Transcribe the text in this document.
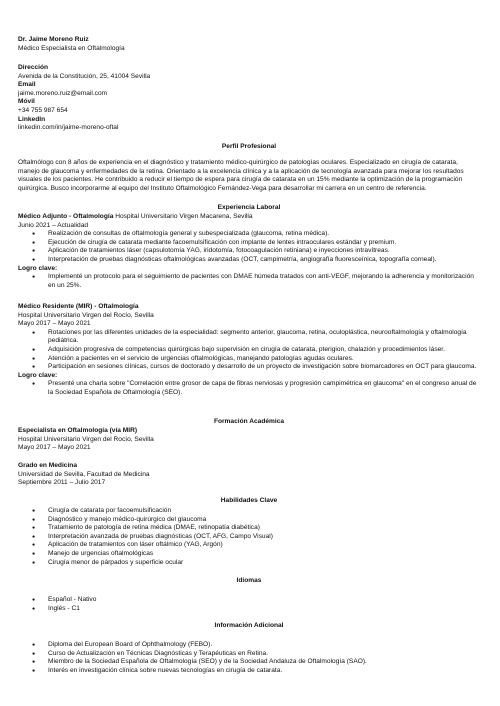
Dr. Jaime Moreno Ruiz

Médico Especialista en Oftalmología

Dirección

Avenida de la Constitución, 25, 41004 Sevilla

Email

jaime.moreno.ruiz@email.com

Móvil

+34 755 987 654

LinkedIn

linkedin.com/in/jaime-moreno-oftal

Perfil Profesional

Oftalmólogo con 8 años de experiencia en el diagnóstico y tratamiento médico-quirúrgico de patologías oculares. Especializado en cirugía de catarata, manejo de glaucoma y enfermedades de la retina. Orientado a la excelencia clínica y a la aplicación de tecnología avanzada para mejorar los resultados visuales de los pacientes. He contribuido a reducir el tiempo de espera para cirugía de catarata en un 15% mediante la optimización de la programación quirúrgica. Busco incorporarme al equipo del Instituto Oftalmológico Fernández-Vega para desarrollar mi carrera en un centro de referencia.

Experiencia Laboral

Médico Adjunto - Oftalmología Hospital Universitario Virgen Macarena, Sevilla

Junio 2021 – Actualidad

● Realización de consultas de oftalmología general y subespecializada (glaucoma, retina médica).
● Ejecución de cirugía de catarata mediante facoemulsificación con implante de lentes intraoculares estándar y premium.
● Aplicación de tratamientos láser (capsulotomía YAG, iridotomía, fotocoagulación retiniana) e inyecciones intravítreas.
● Interpretación de pruebas diagnósticas oftalmológicas avanzadas (OCT, campimetría, angiografía fluoresceínica, topografía corneal).

Logro clave:

● Implementé un protocolo para el seguimiento de pacientes con DMAE húmeda tratados con anti-VEGF, mejorando la adherencia y monitorización en un 25%.

Médico Residente (MIR) - Oftalmología

Hospital Universitario Virgen del Rocío, Sevilla

Mayo 2017 – Mayo 2021

● Rotaciones por las diferentes unidades de la especialidad: segmento anterior, glaucoma, retina, oculoplástica, neurooftalmología y oftalmología pediátrica.
● Adquisición progresiva de competencias quirúrgicas bajo supervisión en cirugía de catarata, pterigion, chalazión y procedimientos láser.
● Atención a pacientes en el servicio de urgencias oftalmológicas, manejando patologías agudas oculares.
● Participación en sesiones clínicas, cursos de doctorado y desarrollo de un proyecto de investigación sobre biomarcadores en OCT para glaucoma.

Logro clave:

● Presenté una charla sobre "Correlación entre grosor de capa de fibras nerviosas y progresión campimétrica en glaucoma" en el congreso anual de la Sociedad Española de Oftalmología (SEO).

Formación Académica

Especialista en Oftalmología (vía MIR)

Hospital Universitario Virgen del Rocío, Sevilla

Mayo 2017 – Mayo 2021

Grado en Medicina

Universidad de Sevilla, Facultad de Medicina

Septiembre 2011 – Julio 2017

Habilidades Clave

● Cirugía de catarata por facoemulsificación
● Diagnóstico y manejo médico-quirúrgico del glaucoma
● Tratamiento de patología de retina médica (DMAE, retinopatía diabética)
● Interpretación avanzada de pruebas diagnósticas (OCT, AFG, Campo Visual)
● Aplicación de tratamientos con láser oftálmico (YAG, Argón)
● Manejo de urgencias oftalmológicas
● Cirugía menor de párpados y superficie ocular

Idiomas

● Español - Nativo
● Inglés - C1

Información Adicional

● Diploma del European Board of Ophthalmology (FEBO).
● Curso de Actualización en Técnicas Diagnósticas y Terapéuticas en Retina.
● Miembro de la Sociedad Española de Oftalmología (SEO) y de la Sociedad Andaluza de Oftalmología (SAO).
● Interés en investigación clínica sobre nuevas tecnologías en cirugía de catarata.
